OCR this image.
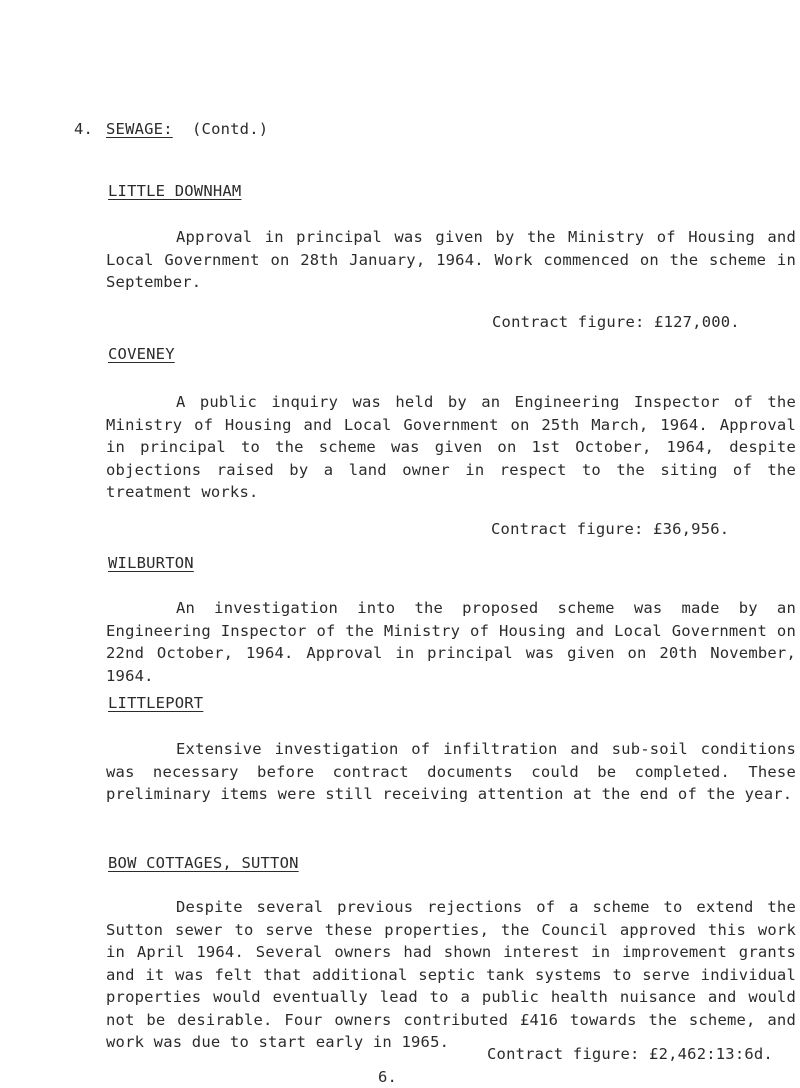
4. SEWAGE: (Contd.)
LITTLE DOWNHAM

Approval in principal was given by the Ministry of Housing and Local Government on 28th January, 1964. Work commenced on the scheme in September.

Contract figure: £127,000.
COVENEY

A public inquiry was held by an Engineering Inspector of the Ministry of Housing and Local Government on 25th March, 1964. Approval in principal to the scheme was given on 1st October, 1964, despite objections raised by a land owner in respect to the siting of the treatment works.

Contract figure: £36,956.
WILBURTON

An investigation into the proposed scheme was made by an Engineering Inspector of the Ministry of Housing and Local Government on 22nd October, 1964. Approval in principal was given on 20th November, 1964.

LITTLEPORT

Extensive investigation of infiltration and sub-soil conditions was necessary before contract documents could be completed. These preliminary items were still receiving attention at the end of the year.

BOW COTTAGES, SUTTON

Despite several previous rejections of a scheme to extend the Sutton sewer to serve these properties, the Council approved this work in April 1964. Several owners had shown interest in improvement grants and it was felt that additional septic tank systems to serve individual properties would eventually lead to a public health nuisance and would not be desirable. Four owners contributed £416 towards the scheme, and work was due to start early in 1965.

Contract figure: £2,462:13:6d.
6.
